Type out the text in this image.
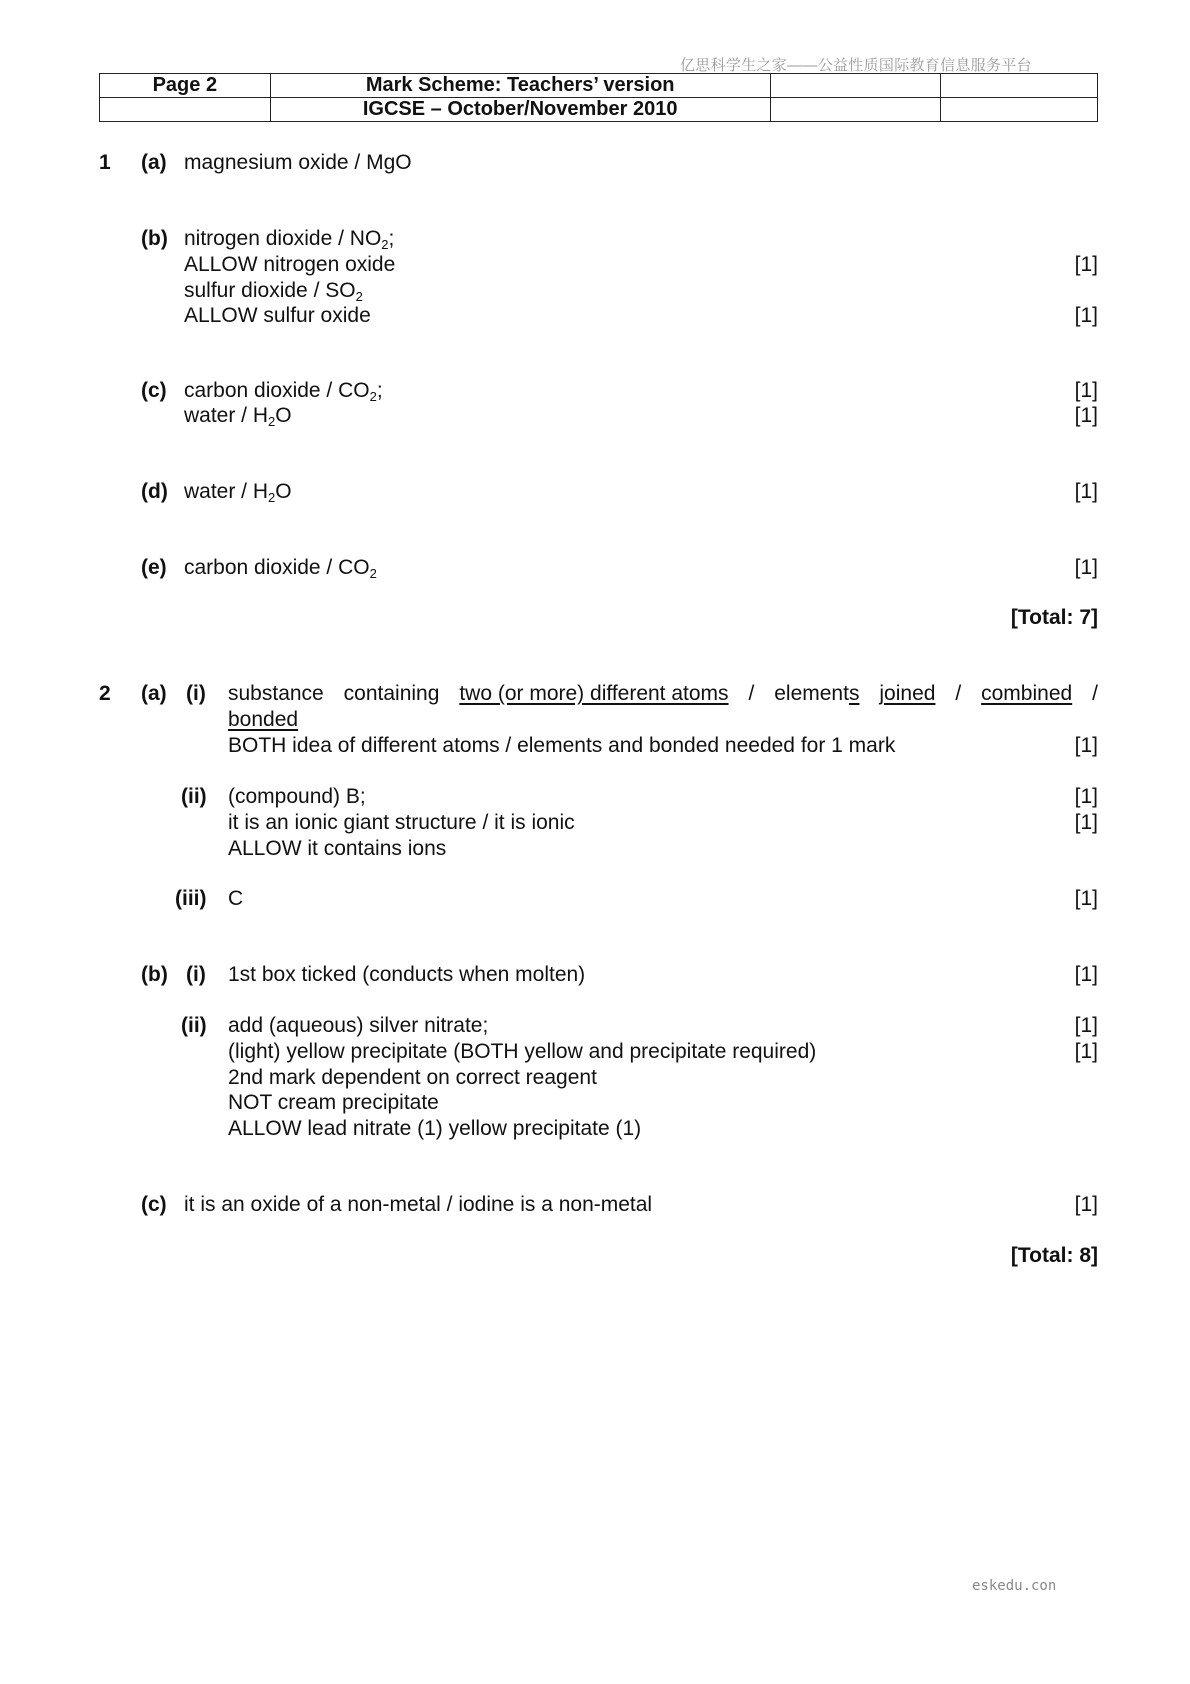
亿思科学生之家——公益性质国际教育信息服务平台
Page 2	Mark Scheme: Teachers’ version		
	IGCSE – October/November 2010		
1 (a) magnesium oxide / MgO
(b) nitrogen dioxide / $NO_2$;
ALLOW nitrogen oxide	[1]
sulfur dioxide / $SO_2$
ALLOW sulfur oxide	[1]
(c) carbon dioxide / $CO_2$;	[1]
water / $H_2O$	[1]
(d) water / $H_2O$	[1]
(e) carbon dioxide / $CO_2$	[1]
[Total: 7]
2 (a) (i) substance containing two (or more) different atoms / elements joined / combined /
bonded
BOTH idea of different atoms / elements and bonded needed for 1 mark	[1]
(ii) (compound) B;	[1]
it is an ionic giant structure / it is ionic	[1]
ALLOW it contains ions
(iii) C	[1]
(b) (i) 1st box ticked (conducts when molten)	[1]
(ii) add (aqueous) silver nitrate;	[1]
(light) yellow precipitate (BOTH yellow and precipitate required)	[1]
2nd mark dependent on correct reagent
NOT cream precipitate
ALLOW lead nitrate (1) yellow precipitate (1)
(c) it is an oxide of a non-metal / iodine is a non-metal	[1]
[Total: 8]
eskedu.con
